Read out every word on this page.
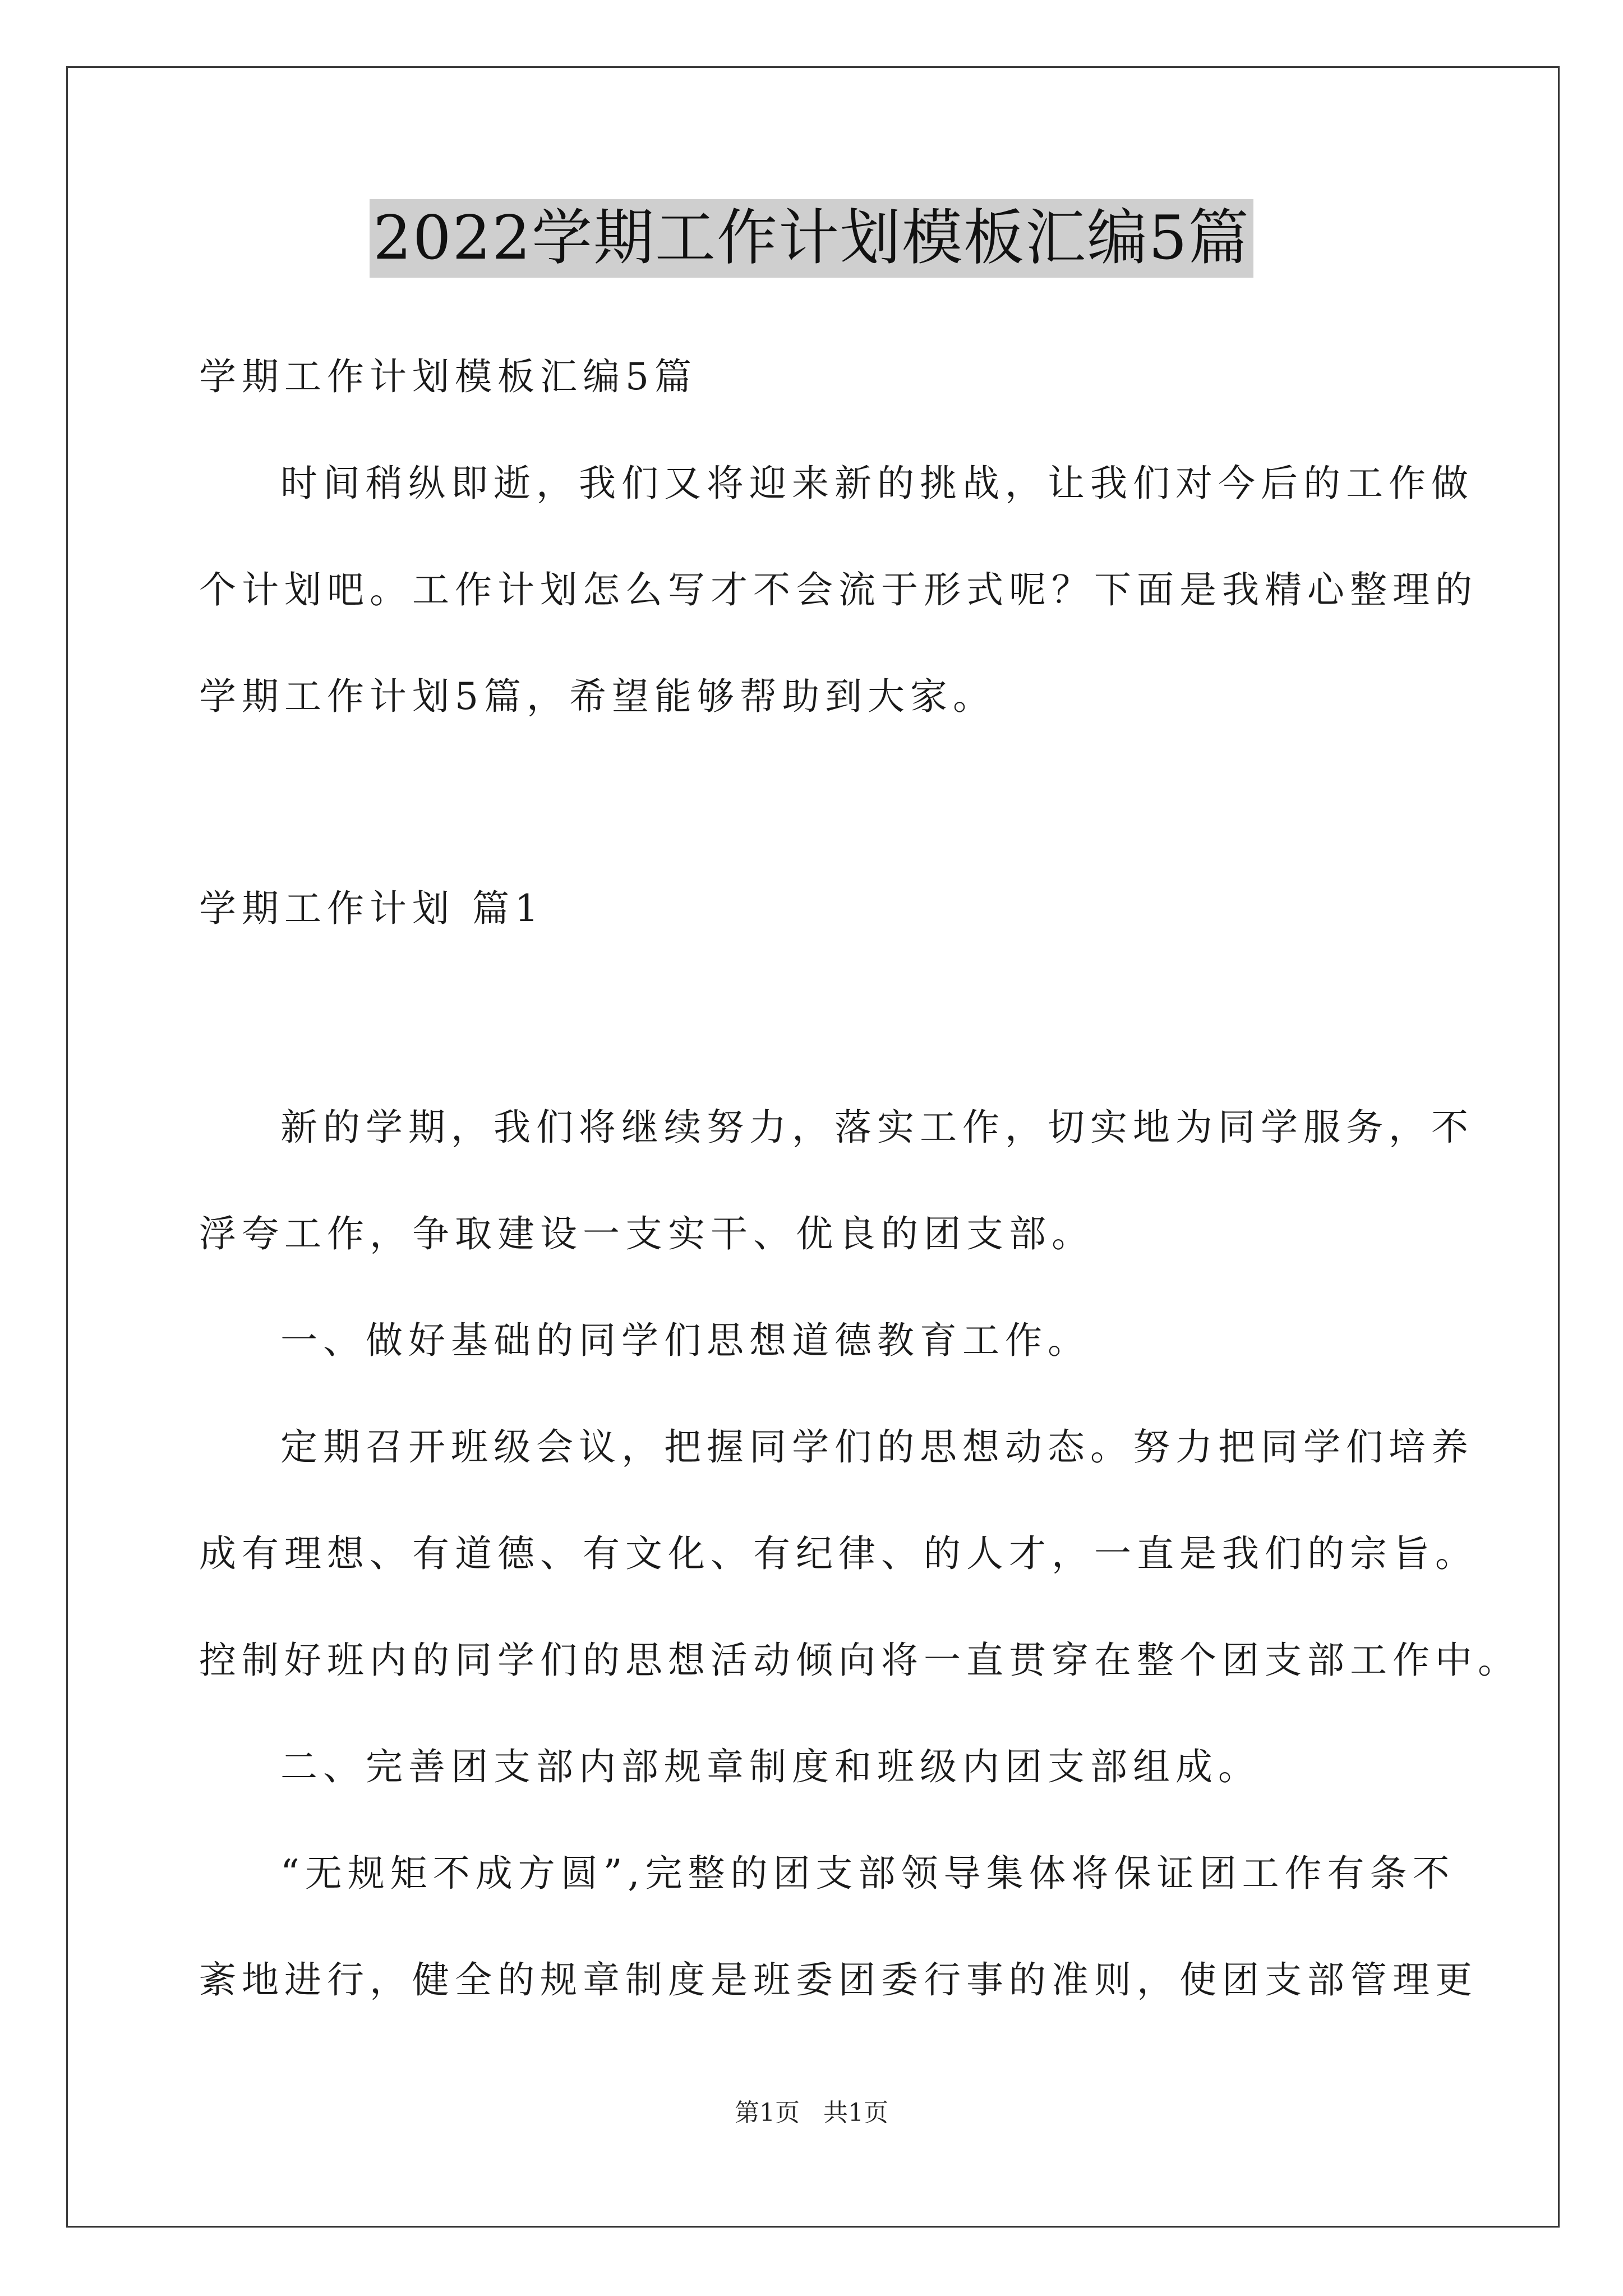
2022学期工作计划模板汇编5篇
学期工作计划模板汇编5篇
时间稍纵即逝，我们又将迎来新的挑战，让我们对今后的工作做
个计划吧。工作计划怎么写才不会流于形式呢？下面是我精心整理的
学期工作计划5篇，希望能够帮助到大家。
学期工作计划 篇1
新的学期，我们将继续努力，落实工作，切实地为同学服务，不
浮夸工作，争取建设一支实干、优良的团支部。
一、做好基础的同学们思想道德教育工作。
定期召开班级会议，把握同学们的思想动态。努力把同学们培养
成有理想、有道德、有文化、有纪律、的人才，一直是我们的宗旨。
控制好班内的同学们的思想活动倾向将一直贯穿在整个团支部工作中。
二、完善团支部内部规章制度和班级内团支部组成。
“无规矩不成方圆”,完整的团支部领导集体将保证团工作有条不
紊地进行，健全的规章制度是班委团委行事的准则，使团支部管理更
第1页   共1页
